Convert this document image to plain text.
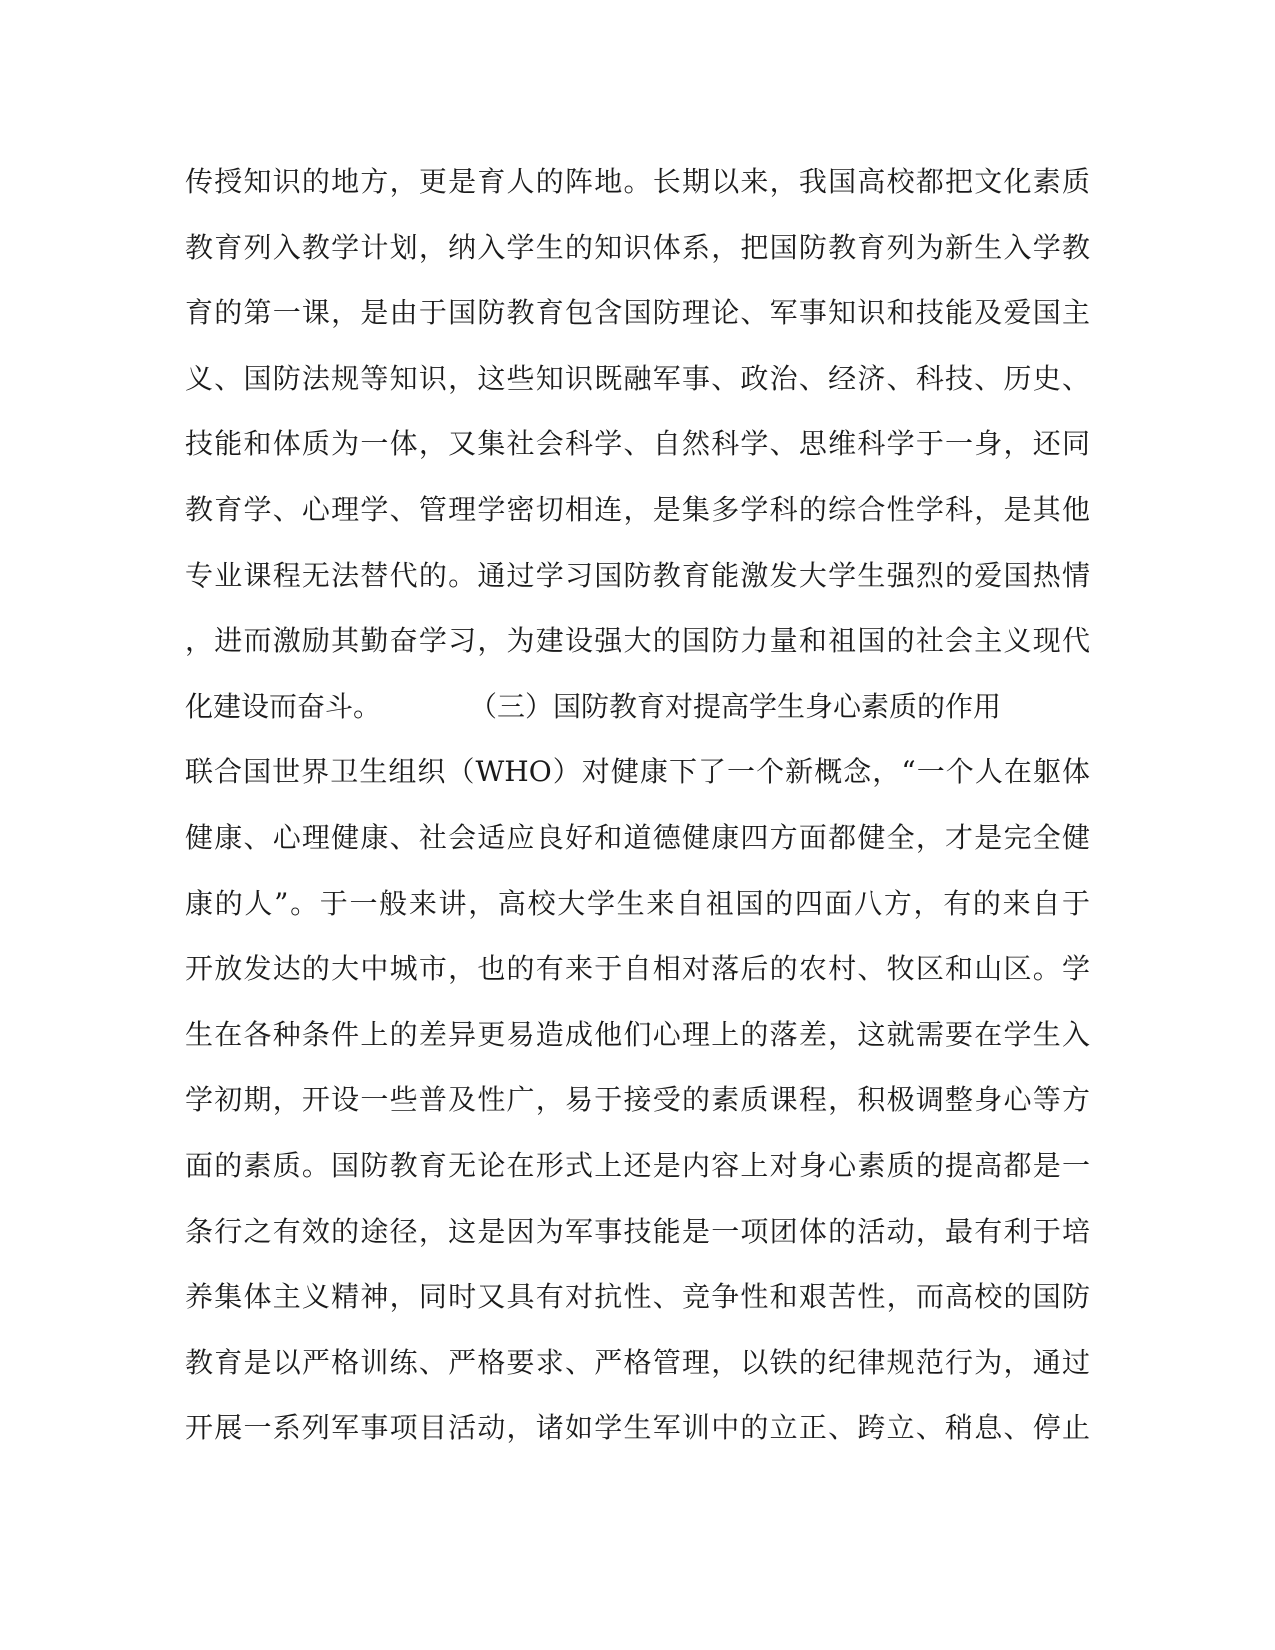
传授知识的地方，更是育人的阵地。长期以来，我国高校都把文化素质
教育列入教学计划，纳入学生的知识体系，把国防教育列为新生入学教
育的第一课，是由于国防教育包含国防理论、军事知识和技能及爱国主
义、国防法规等知识，这些知识既融军事、政治、经济、科技、历史、
技能和体质为一体，又集社会科学、自然科学、思维科学于一身，还同
教育学、心理学、管理学密切相连，是集多学科的综合性学科，是其他
专业课程无法替代的。通过学习国防教育能激发大学生强烈的爱国热情
，进而激励其勤奋学习，为建设强大的国防力量和祖国的社会主义现代
化建设而奋斗。	（三）国防教育对提高学生身心素质的作用
联合国世界卫生组织（WHO）对健康下了一个新概念，“一个人在躯体
健康、心理健康、社会适应良好和道德健康四方面都健全，才是完全健
康的人”。于一般来讲，高校大学生来自祖国的四面八方，有的来自于
开放发达的大中城市，也的有来于自相对落后的农村、牧区和山区。学
生在各种条件上的差异更易造成他们心理上的落差，这就需要在学生入
学初期，开设一些普及性广，易于接受的素质课程，积极调整身心等方
面的素质。国防教育无论在形式上还是内容上对身心素质的提高都是一
条行之有效的途径，这是因为军事技能是一项团体的活动，最有利于培
养集体主义精神，同时又具有对抗性、竞争性和艰苦性，而高校的国防
教育是以严格训练、严格要求、严格管理，以铁的纪律规范行为，通过
开展一系列军事项目活动，诸如学生军训中的立正、跨立、稍息、停止
